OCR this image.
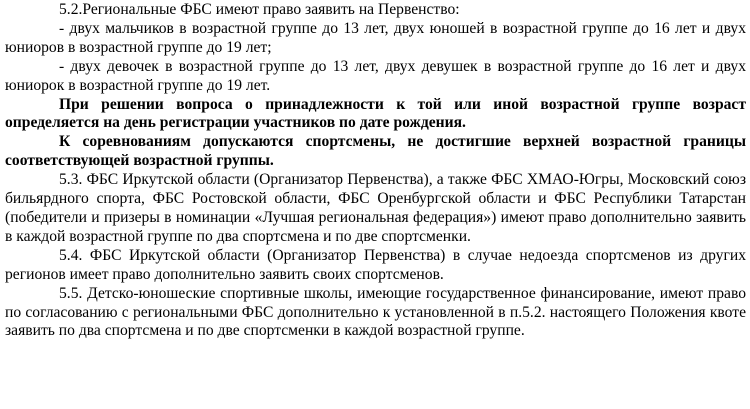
5.2.Региональные ФБС имеют право заявить на Первенство:

- двух мальчиков в возрастной группе до 13 лет, двух юношей в возрастной группе до 16 лет и двух юниоров в возрастной группе до 19 лет;

- двух девочек в возрастной группе до 13 лет, двух девушек в возрастной группе до 16 лет и двух юниорок в возрастной группе до 19 лет.

При решении вопроса о принадлежности к той или иной возрастной группе возраст определяется на день регистрации участников по дате рождения.

К соревнованиям допускаются спортсмены, не достигшие верхней возрастной границы соответствующей возрастной группы.

5.3. ФБС Иркутской области (Организатор Первенства), а также ФБС ХМАО-Югры, Московский союз бильярдного спорта, ФБС Ростовской области, ФБС Оренбургской области и ФБС Республики Татарстан (победители и призеры в номинации «Лучшая региональная федерация») имеют право дополнительно заявить в каждой возрастной группе по два спортсмена и по две спортсменки.

5.4. ФБС Иркутской области (Организатор Первенства) в случае недоезда спортсменов из других регионов имеет право дополнительно заявить своих спортсменов.

5.5. Детско-юношеские спортивные школы, имеющие государственное финансирование, имеют право по согласованию с региональными ФБС дополнительно к установленной в п.5.2. настоящего Положения квоте заявить по два спортсмена и по две спортсменки в каждой возрастной группе.
